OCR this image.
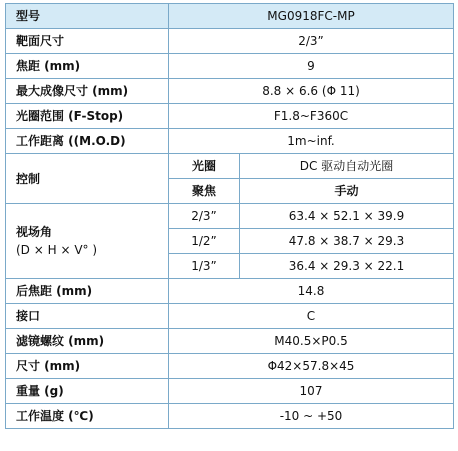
型号	MG0918FC-MP	
靶面尺寸	2/3”	
焦距 (mm)	9	
最大成像尺寸 (mm)	8.8 × 6.6 (Φ 11)	
光圈范围 (F-Stop)	F1.8~F360C	
工作距离 ((M.O.D)	1m~inf.	
控制	光圈	DC 驱动自动光圈
	聚焦	手动

视场角
(D × H × V° )	2/3”	63.4 × 52.1 × 39.9
	1/2”	47.8 × 38.7 × 29.3
	1/3”	36.4 × 29.3 × 22.1
后焦距 (mm)	14.8	
接口	C	
滤镜螺纹 (mm)	M40.5×P0.5	
尺寸 (mm)	Φ42×57.8×45	
重量 (g)	107	
工作温度 (℃)	-10 ~ +50	
